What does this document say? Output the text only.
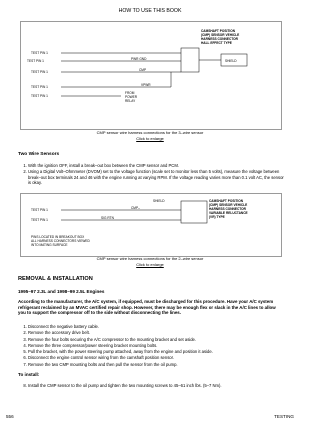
HOW TO USE THIS BOOK
CAMSHAFT POSITION
(CMP) SENSOR VEHICLE
HARNESS CONNECTOR
HALL EFFECT TYPE
SHIELD
TEST PIN 1
TEST PIN 1
TEST PIN 1
TEST PIN 1
TEST PIN 1
PWR GND
CMP
VPWR
FROM
POWER
RELAY
CMP sensor wire harness connections for the 3–wire sensor
Click to enlarge
Two Wire Sensors
1. With the ignition OFF, install a break–out box between the CMP sensor and PCM.
2. Using a Digital Volt–Ohmmeter (DVOM) set to the voltage function (scale set to monitor less than 5 volts), measure the voltage between break–out box terminals 24 and 46 with the engine running at varying RPM. If the voltage reading varies more than 0.1 volt AC, the sensor is okay.
CAMSHAFT POSITION
(CMP) SENSOR VEHICLE
HARNESS CONNECTOR
VARIABLE RELUCTANCE
(VR) TYPE
SHIELD
TEST PIN 1
TEST PIN 1
CMP–
SIG RTN
PINS LOCATED IN BREAKOUT BOX
ALL HARNESS CONNECTORS VIEWED
INTO MATING SURFACE
CMP sensor wire harness connections for the 2–wire sensor
Click to enlarge
REMOVAL & INSTALLATION
1995–97 2.3L and 1998–99 2.5L Engines
According to the manufacturer, the A/C system, if equipped, must be discharged for this procedure. Have your A/C system refrigerant reclaimed by an MVAC certified repair shop. However, there may be enough flex or slack in the A/C lines to allow you to support the compressor off to the side without disconnecting the lines.
1. Disconnect the negative battery cable.
2. Remove the accessory drive belt.
3. Remove the four bolts securing the A/C compressor to the mounting bracket and set aside.
4. Remove the three compressor/power steering bracket mounting bolts.
5. Pull the bracket, with the power steering pump attached, away from the engine and position it aside.
6. Disconnect the engine control sensor wiring from the camshaft position sensor.
7. Remove the two CMP mounting bolts and then pull the sensor from the oil pump.
To install:
8. Install the CMP sensor to the oil pump and tighten the two mounting screws to 45–61 inch lbs. (5–7 Nm).
556	TESTING
